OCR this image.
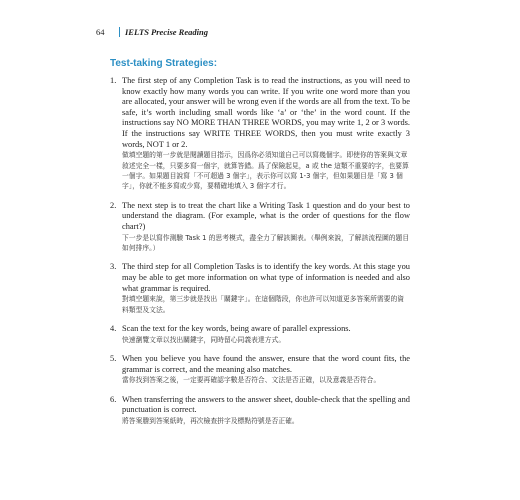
64 IELTS Precise Reading
Test-taking Strategies:
1. The first step of any Completion Task is to read the instructions, as you will need to know exactly how many words you can write. If you write one word more than you are allocated, your answer will be wrong even if the words are all from the text. To be safe, it’s worth including small words like ‘a’ or ‘the’ in the word count. If the instructions say NO MORE THAN THREE WORDS, you may write 1, 2 or 3 words. If the instructions say WRITE THREE WORDS, then you must write exactly 3 words, NOT 1 or 2.
做填空題的第一步就是閱讀題目指示，因爲你必須知道自己可以寫幾個字。即使你的答案與文章敘述完全一樣，只要多寫一個字，就算答錯。爲了保險起見，a 或 the 這類不重要的字，也要算一個字。如果題目說寫「不可超過 3 個字」，表示你可以寫 1-3 個字，但如果題目是「寫 3 個字」，你就不能多寫或少寫，要精確地填入 3 個字才行。
2. The next step is to treat the chart like a Writing Task 1 question and do your best to understand the diagram. (For example, what is the order of questions for the flow chart?)
下一步是以寫作測驗 Task 1 的思考模式，盡全力了解該圖表。（舉例來說，了解該流程圖的題目如何排序。）
3. The third step for all Completion Tasks is to identify the key words. At this stage you may be able to get more information on what type of information is needed and also what grammar is required.
對填空題來說，第三步就是找出「關鍵字」。在這個階段，你也許可以知道更多答案所需要的資料類型及文法。
4. Scan the text for the key words, being aware of parallel expressions.
快速瀏覽文章以找出關鍵字，同時留心同義表達方式。
5. When you believe you have found the answer, ensure that the word count fits, the grammar is correct, and the meaning also matches.
當你找到答案之後，一定要再確認字數是否符合、文法是否正確，以及意義是否符合。
6. When transferring the answers to the answer sheet, double-check that the spelling and punctuation is correct.
將答案謄到答案紙時，再次檢查拼字及標點符號是否正確。
